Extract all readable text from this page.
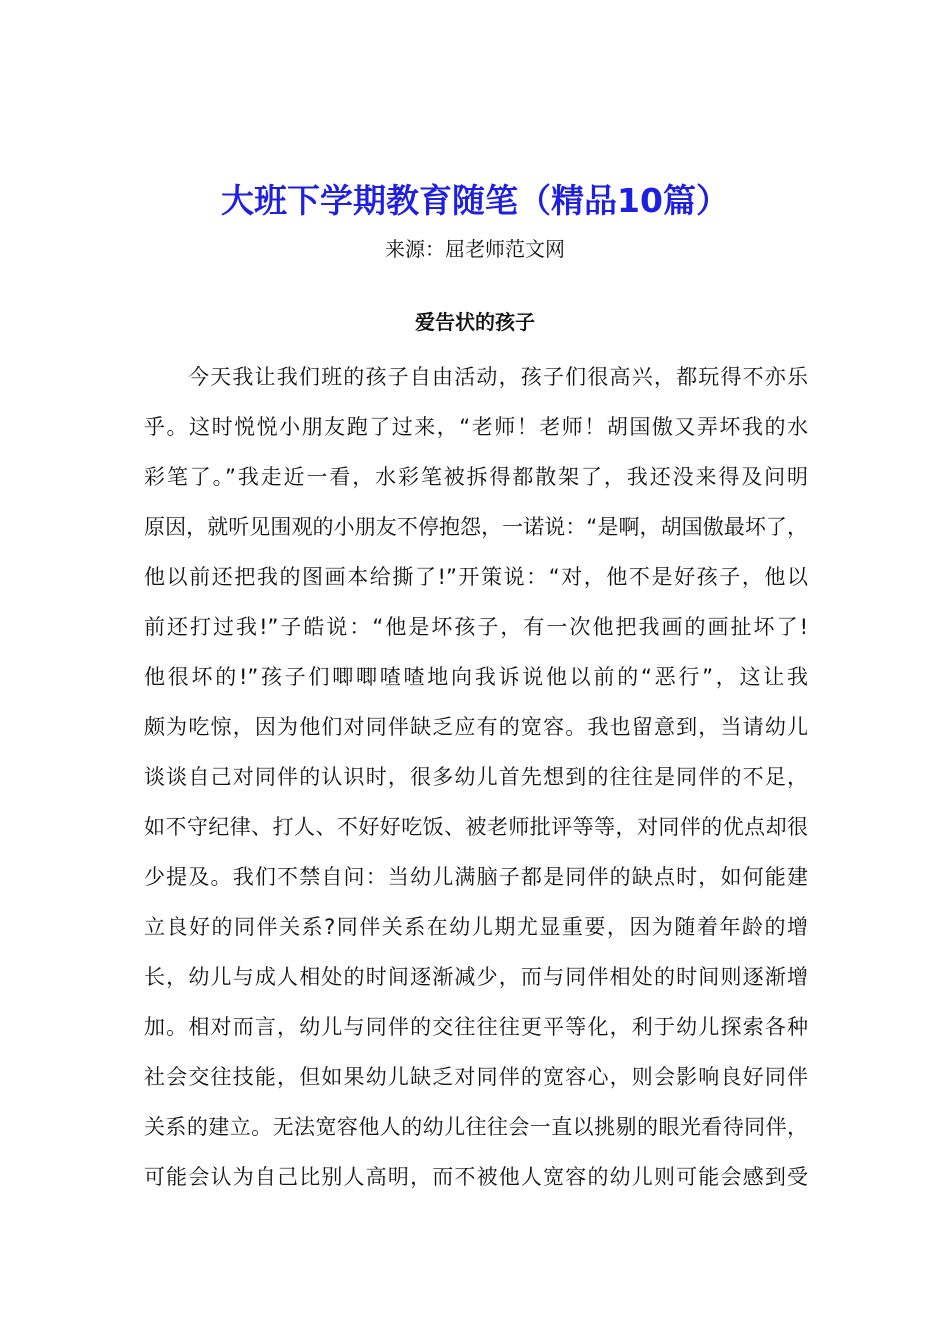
大班下学期教育随笔（精品10篇）

来源：屈老师范文网

爱告状的孩子
今天我让我们班的孩子自由活动，孩子们很高兴，都玩得不亦乐
乎。这时悦悦小朋友跑了过来，“老师！老师！胡国傲又弄坏我的水
彩笔了。”我走近一看，水彩笔被拆得都散架了，我还没来得及问明
原因，就听见围观的小朋友不停抱怨，一诺说：“是啊，胡国傲最坏了，
他以前还把我的图画本给撕了!”开策说：“对，他不是好孩子，他以
前还打过我!”子皓说：“他是坏孩子，有一次他把我画的画扯坏了!
他很坏的!”孩子们唧唧喳喳地向我诉说他以前的“恶行”，这让我
颇为吃惊，因为他们对同伴缺乏应有的宽容。我也留意到，当请幼儿
谈谈自己对同伴的认识时，很多幼儿首先想到的往往是同伴的不足，
如不守纪律、打人、不好好吃饭、被老师批评等等，对同伴的优点却很
少提及。我们不禁自问：当幼儿满脑子都是同伴的缺点时，如何能建
立良好的同伴关系?同伴关系在幼儿期尤显重要，因为随着年龄的增
长，幼儿与成人相处的时间逐渐减少，而与同伴相处的时间则逐渐增
加。相对而言，幼儿与同伴的交往往往更平等化，利于幼儿探索各种
社会交往技能，但如果幼儿缺乏对同伴的宽容心，则会影响良好同伴
关系的建立。无法宽容他人的幼儿往往会一直以挑剔的眼光看待同伴，
可能会认为自己比别人高明，而不被他人宽容的幼儿则可能会感到受
